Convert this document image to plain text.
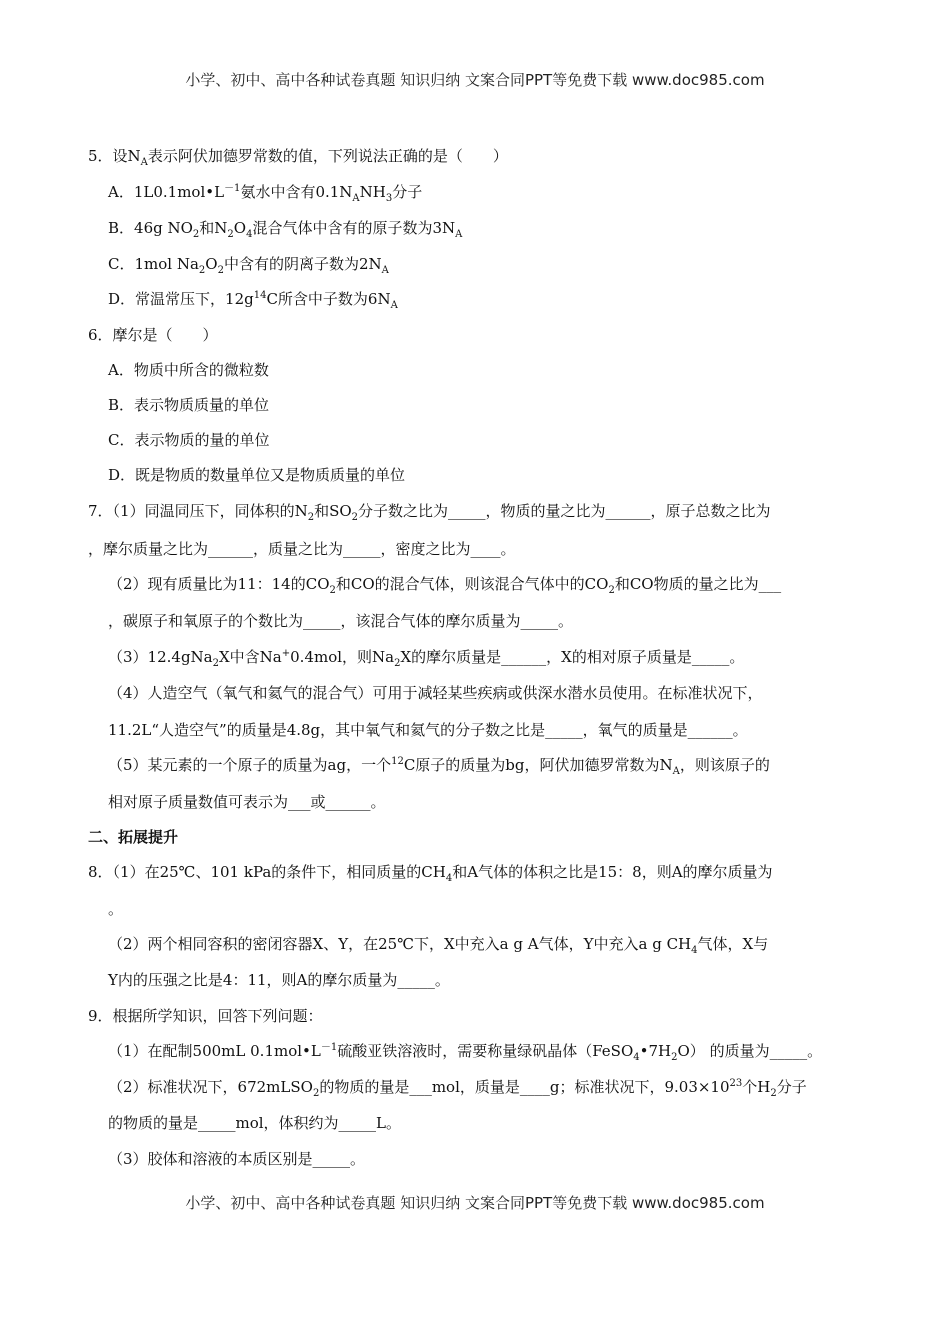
小学、初中、高中各种试卷真题 知识归纳 文案合同PPT等免费下载 www.doc985.com
5．设$N_A$表示阿伏加德罗常数的值，下列说法正确的是（　　）
A．$1L0.1mol•L^{-1}$氨水中含有$0.1N_ANH_3$分子
B．46g $NO_2$和$N_2O_4$混合气体中含有的原子数为$3N_A$
C．1mol $Na_2O_2$中含有的阴离子数为$2N_A$
D．常温常压下，$12g^{14}C$所含中子数为$6N_A$
6．摩尔是（　　）
A．物质中所含的微粒数
B．表示物质质量的单位
C．表示物质的量的单位
D．既是物质的数量单位又是物质质量的单位
7．（1）同温同压下，同体积的$N_2$和$SO_2$分子数之比为_____，物质的量之比为______，原子总数之比为
，摩尔质量之比为______，质量之比为_____，密度之比为____。
（2）现有质量比为11：14的$CO_2$和CO的混合气体，则该混合气体中的$CO_2$和CO物质的量之比为___
，碳原子和氧原子的个数比为_____，该混合气体的摩尔质量为_____。
（3）12.4gNa$_2$X中含Na+0.4mol，则$Na_2X$的摩尔质量是______，X的相对原子质量是_____。
（4）人造空气（氧气和氦气的混合气）可用于减轻某些疾病或供深水潜水员使用。在标准状况下，
11.2L“人造空气”的质量是4.8g，其中氧气和氦气的分子数之比是_____，氧气的质量是______。
（5）某元素的一个原子的质量为ag，一个$^{12}$C原子的质量为bg，阿伏加德罗常数为$N_A$，则该原子的
相对原子质量数值可表示为___或______。
二、拓展提升
8．（1）在25℃、101 kPa的条件下，相同质量的$CH_4$和A气体的体积之比是15：8，则A的摩尔质量为
。
（2）两个相同容积的密闭容器X、Y，在25℃下，X中充入a g A气体，Y中充入a g $CH_4$气体，X与
Y内的压强之比是4：11，则A的摩尔质量为_____。
9．根据所学知识，回答下列问题：
（1）在配制500mL $0.1mol•L^{-1}$硫酸亚铁溶液时，需要称量绿矾晶体$(FeSO_4•7H_2O)$ 的质量为_____。
（2）标准状况下，672mLSO$_2$的物质的量是___mol，质量是____g；标准状况下，$9.03\times 10^{23}$个$H_2$分子
的物质的量是_____mol，体积约为_____L。
（3）胶体和溶液的本质区别是_____。
小学、初中、高中各种试卷真题 知识归纳 文案合同PPT等免费下载 www.doc985.com
